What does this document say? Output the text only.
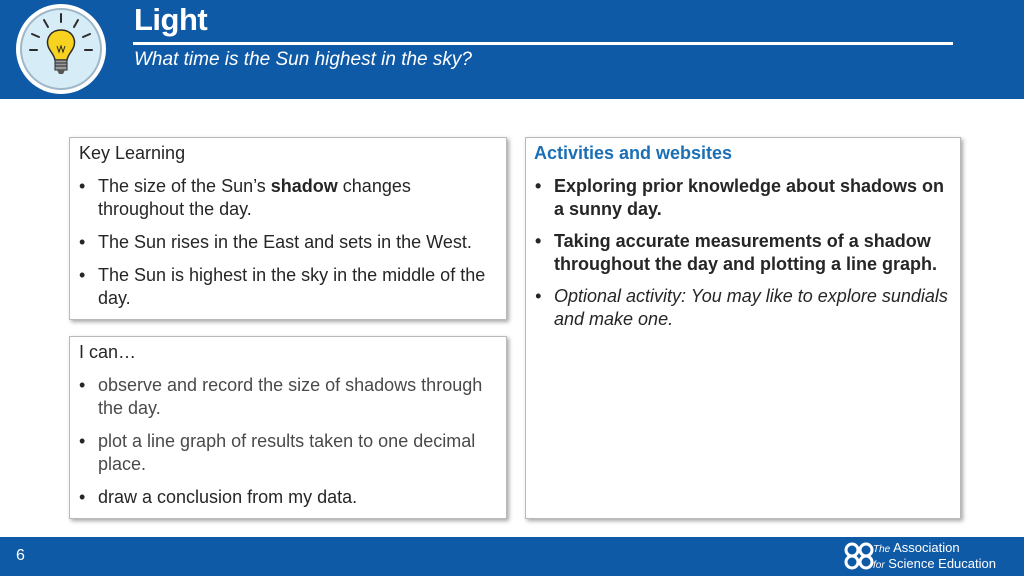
Light
What time is the Sun highest in the sky?
Key Learning
• The size of the Sun’s shadow changes throughout the day.
• The Sun rises in the East and sets in the West.
• The Sun is highest in the sky in the middle of the day.
I can…
• observe and record the size of shadows through the day.
• plot a line graph of results taken to one decimal place.
• draw a conclusion from my data.
Activities and websites
• Exploring prior knowledge about shadows on a sunny day.
• Taking accurate measurements of a shadow throughout the day and plotting a line graph.
• Optional activity: You may like to explore sundials and make one.
6	The Association
for Science Education
